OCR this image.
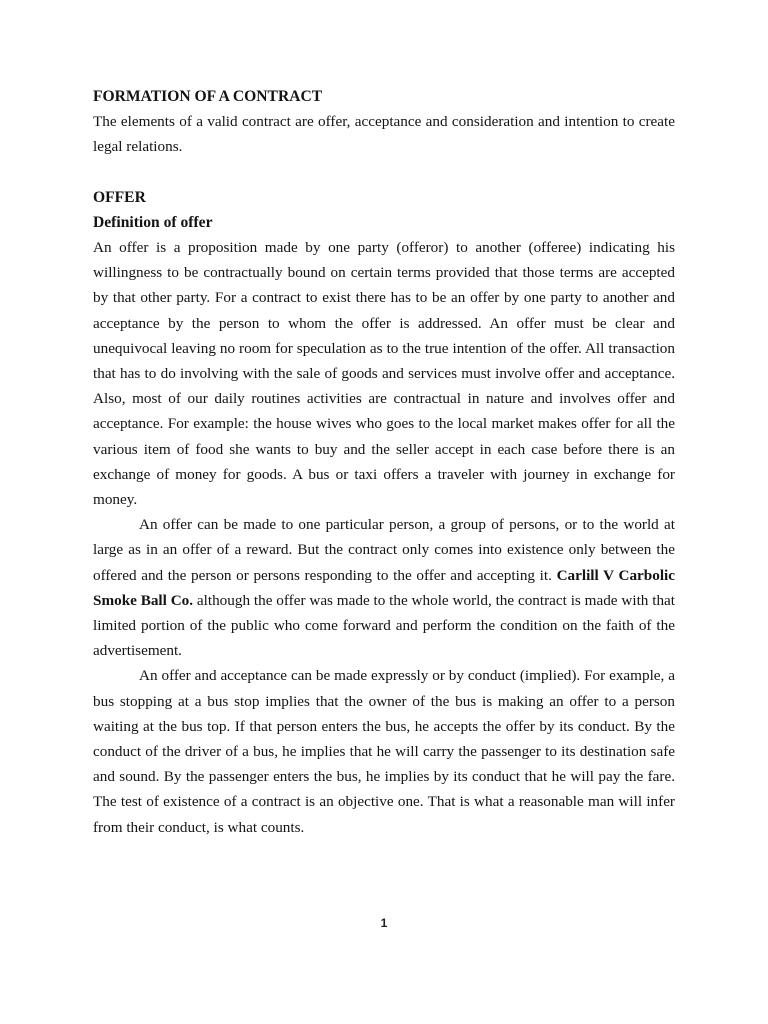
FORMATION OF A CONTRACT

The elements of a valid contract are offer, acceptance and consideration and intention to create legal relations.

OFFER

Definition of offer

An offer is a proposition made by one party (offeror) to another (offeree) indicating his willingness to be contractually bound on certain terms provided that those terms are accepted by that other party. For a contract to exist there has to be an offer by one party to another and acceptance by the person to whom the offer is addressed. An offer must be clear and unequivocal leaving no room for speculation as to the true intention of the offer. All transaction that has to do involving with the sale of goods and services must involve offer and acceptance. Also, most of our daily routines activities are contractual in nature and involves offer and acceptance. For example: the house wives who goes to the local market makes offer for all the various item of food she wants to buy and the seller accept in each case before there is an exchange of money for goods. A bus or taxi offers a traveler with journey in exchange for money.

An offer can be made to one particular person, a group of persons, or to the world at large as in an offer of a reward. But the contract only comes into existence only between the offered and the person or persons responding to the offer and accepting it. Carlill V Carbolic Smoke Ball Co. although the offer was made to the whole world, the contract is made with that limited portion of the public who come forward and perform the condition on the faith of the advertisement.

An offer and acceptance can be made expressly or by conduct (implied). For example, a bus stopping at a bus stop implies that the owner of the bus is making an offer to a person waiting at the bus top. If that person enters the bus, he accepts the offer by its conduct. By the conduct of the driver of a bus, he implies that he will carry the passenger to its destination safe and sound. By the passenger enters the bus, he implies by its conduct that he will pay the fare. The test of existence of a contract is an objective one. That is what a reasonable man will infer from their conduct, is what counts.

1
